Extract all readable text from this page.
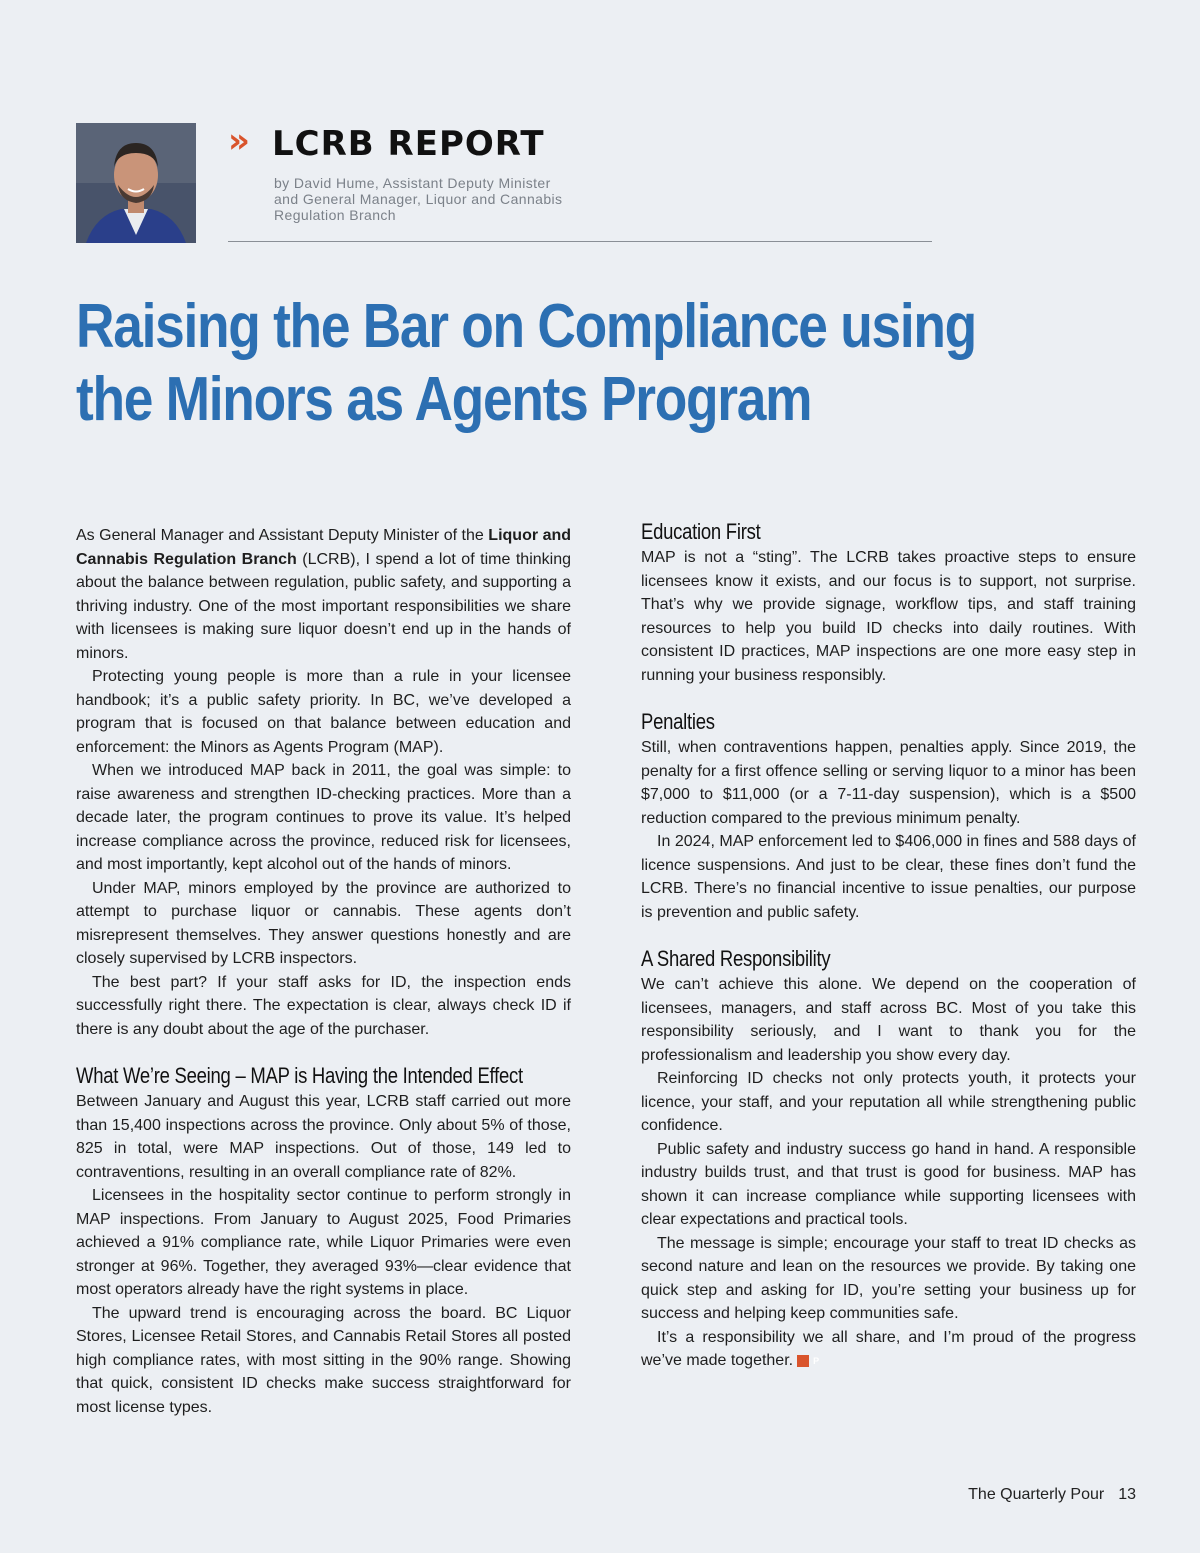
» LCRB REPORT
by David Hume, Assistant Deputy Minister
and General Manager, Liquor and Cannabis
Regulation Branch
Raising the Bar on Compliance using
the Minors as Agents Program

As General Manager and Assistant Deputy Minister of the Liquor and Cannabis Regulation Branch (LCRB), I spend a lot of time thinking about the balance between regulation, public safety, and supporting a thriving industry. One of the most important responsibilities we share with licensees is making sure liquor doesn’t end up in the hands of minors.

Protecting young people is more than a rule in your licensee handbook; it’s a public safety priority. In BC, we’ve developed a program that is focused on that balance between education and enforcement: the Minors as Agents Program (MAP).

When we introduced MAP back in 2011, the goal was simple: to raise awareness and strengthen ID-checking practices. More than a decade later, the program continues to prove its value. It’s helped increase compliance across the province, reduced risk for licensees, and most importantly, kept alcohol out of the hands of minors.

Under MAP, minors employed by the province are authorized to attempt to purchase liquor or cannabis. These agents don’t misrepresent themselves. They answer questions honestly and are closely supervised by LCRB inspectors.

The best part? If your staff asks for ID, the inspection ends successfully right there. The expectation is clear, always check ID if there is any doubt about the age of the purchaser.

What We’re Seeing – MAP is Having the Intended Effect

Between January and August this year, LCRB staff carried out more than 15,400 inspections across the province. Only about 5% of those, 825 in total, were MAP inspections. Out of those, 149 led to contraventions, resulting in an overall compliance rate of 82%.

Licensees in the hospitality sector continue to perform strongly in MAP inspections. From January to August 2025, Food Primaries achieved a 91% compliance rate, while Liquor Primaries were even stronger at 96%. Together, they averaged 93%—clear evidence that most operators already have the right systems in place.

The upward trend is encouraging across the board. BC Liquor Stores, Licensee Retail Stores, and Cannabis Retail Stores all posted high compliance rates, with most sitting in the 90% range. Showing that quick, consistent ID checks make success straightforward for most license types.

Education First

MAP is not a “sting”. The LCRB takes proactive steps to ensure licensees know it exists, and our focus is to support, not surprise. That’s why we provide signage, workflow tips, and staff training resources to help you build ID checks into daily routines. With consistent ID practices, MAP inspections are one more easy step in running your business responsibly.

Penalties

Still, when contraventions happen, penalties apply. Since 2019, the penalty for a first offence selling or serving liquor to a minor has been $7,000 to $11,000 (or a 7-11-day suspension), which is a $500 reduction compared to the previous minimum penalty.

In 2024, MAP enforcement led to $406,000 in fines and 588 days of licence suspensions. And just to be clear, these fines don’t fund the LCRB. There’s no financial incentive to issue penalties, our purpose is prevention and public safety.

A Shared Responsibility

We can’t achieve this alone. We depend on the cooperation of licensees, managers, and staff across BC. Most of you take this responsibility seriously, and I want to thank you for the professionalism and leadership you show every day.

Reinforcing ID checks not only protects youth, it protects your licence, your staff, and your reputation all while strengthening public confidence.

Public safety and industry success go hand in hand. A responsible industry builds trust, and that trust is good for business. MAP has shown it can increase compliance while supporting licensees with clear expectations and practical tools.

The message is simple; encourage your staff to treat ID checks as second nature and lean on the resources we provide. By taking one quick step and asking for ID, you’re setting your business up for success and helping keep communities safe.

It’s a responsibility we all share, and I’m proud of the progress we’ve made together. P

The Quarterly Pour 13
